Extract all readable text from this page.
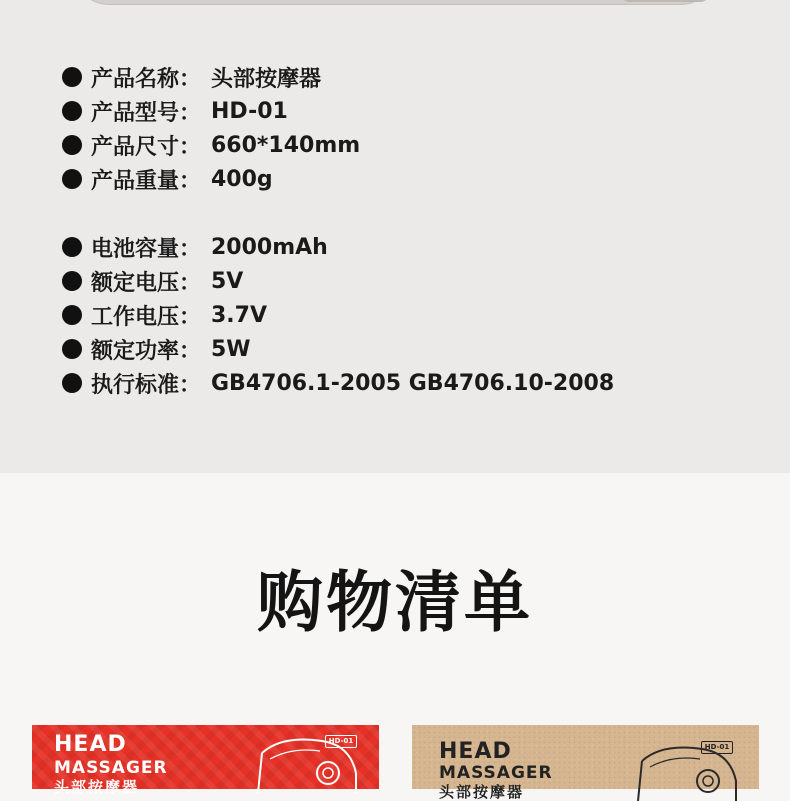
产品名称： 头部按摩器
产品型号： HD-01
产品尺寸： 660*140mm
产品重量： 400g
电池容量： 2000mAh
额定电压： 5V
工作电压： 3.7V
额定功率： 5W
执行标准： GB4706.1-2005 GB4706.10-2008
购物清单
HEAD
MASSAGER
头部按摩器
HD-01	HEAD
MASSAGER
头部按摩器
HD-01
